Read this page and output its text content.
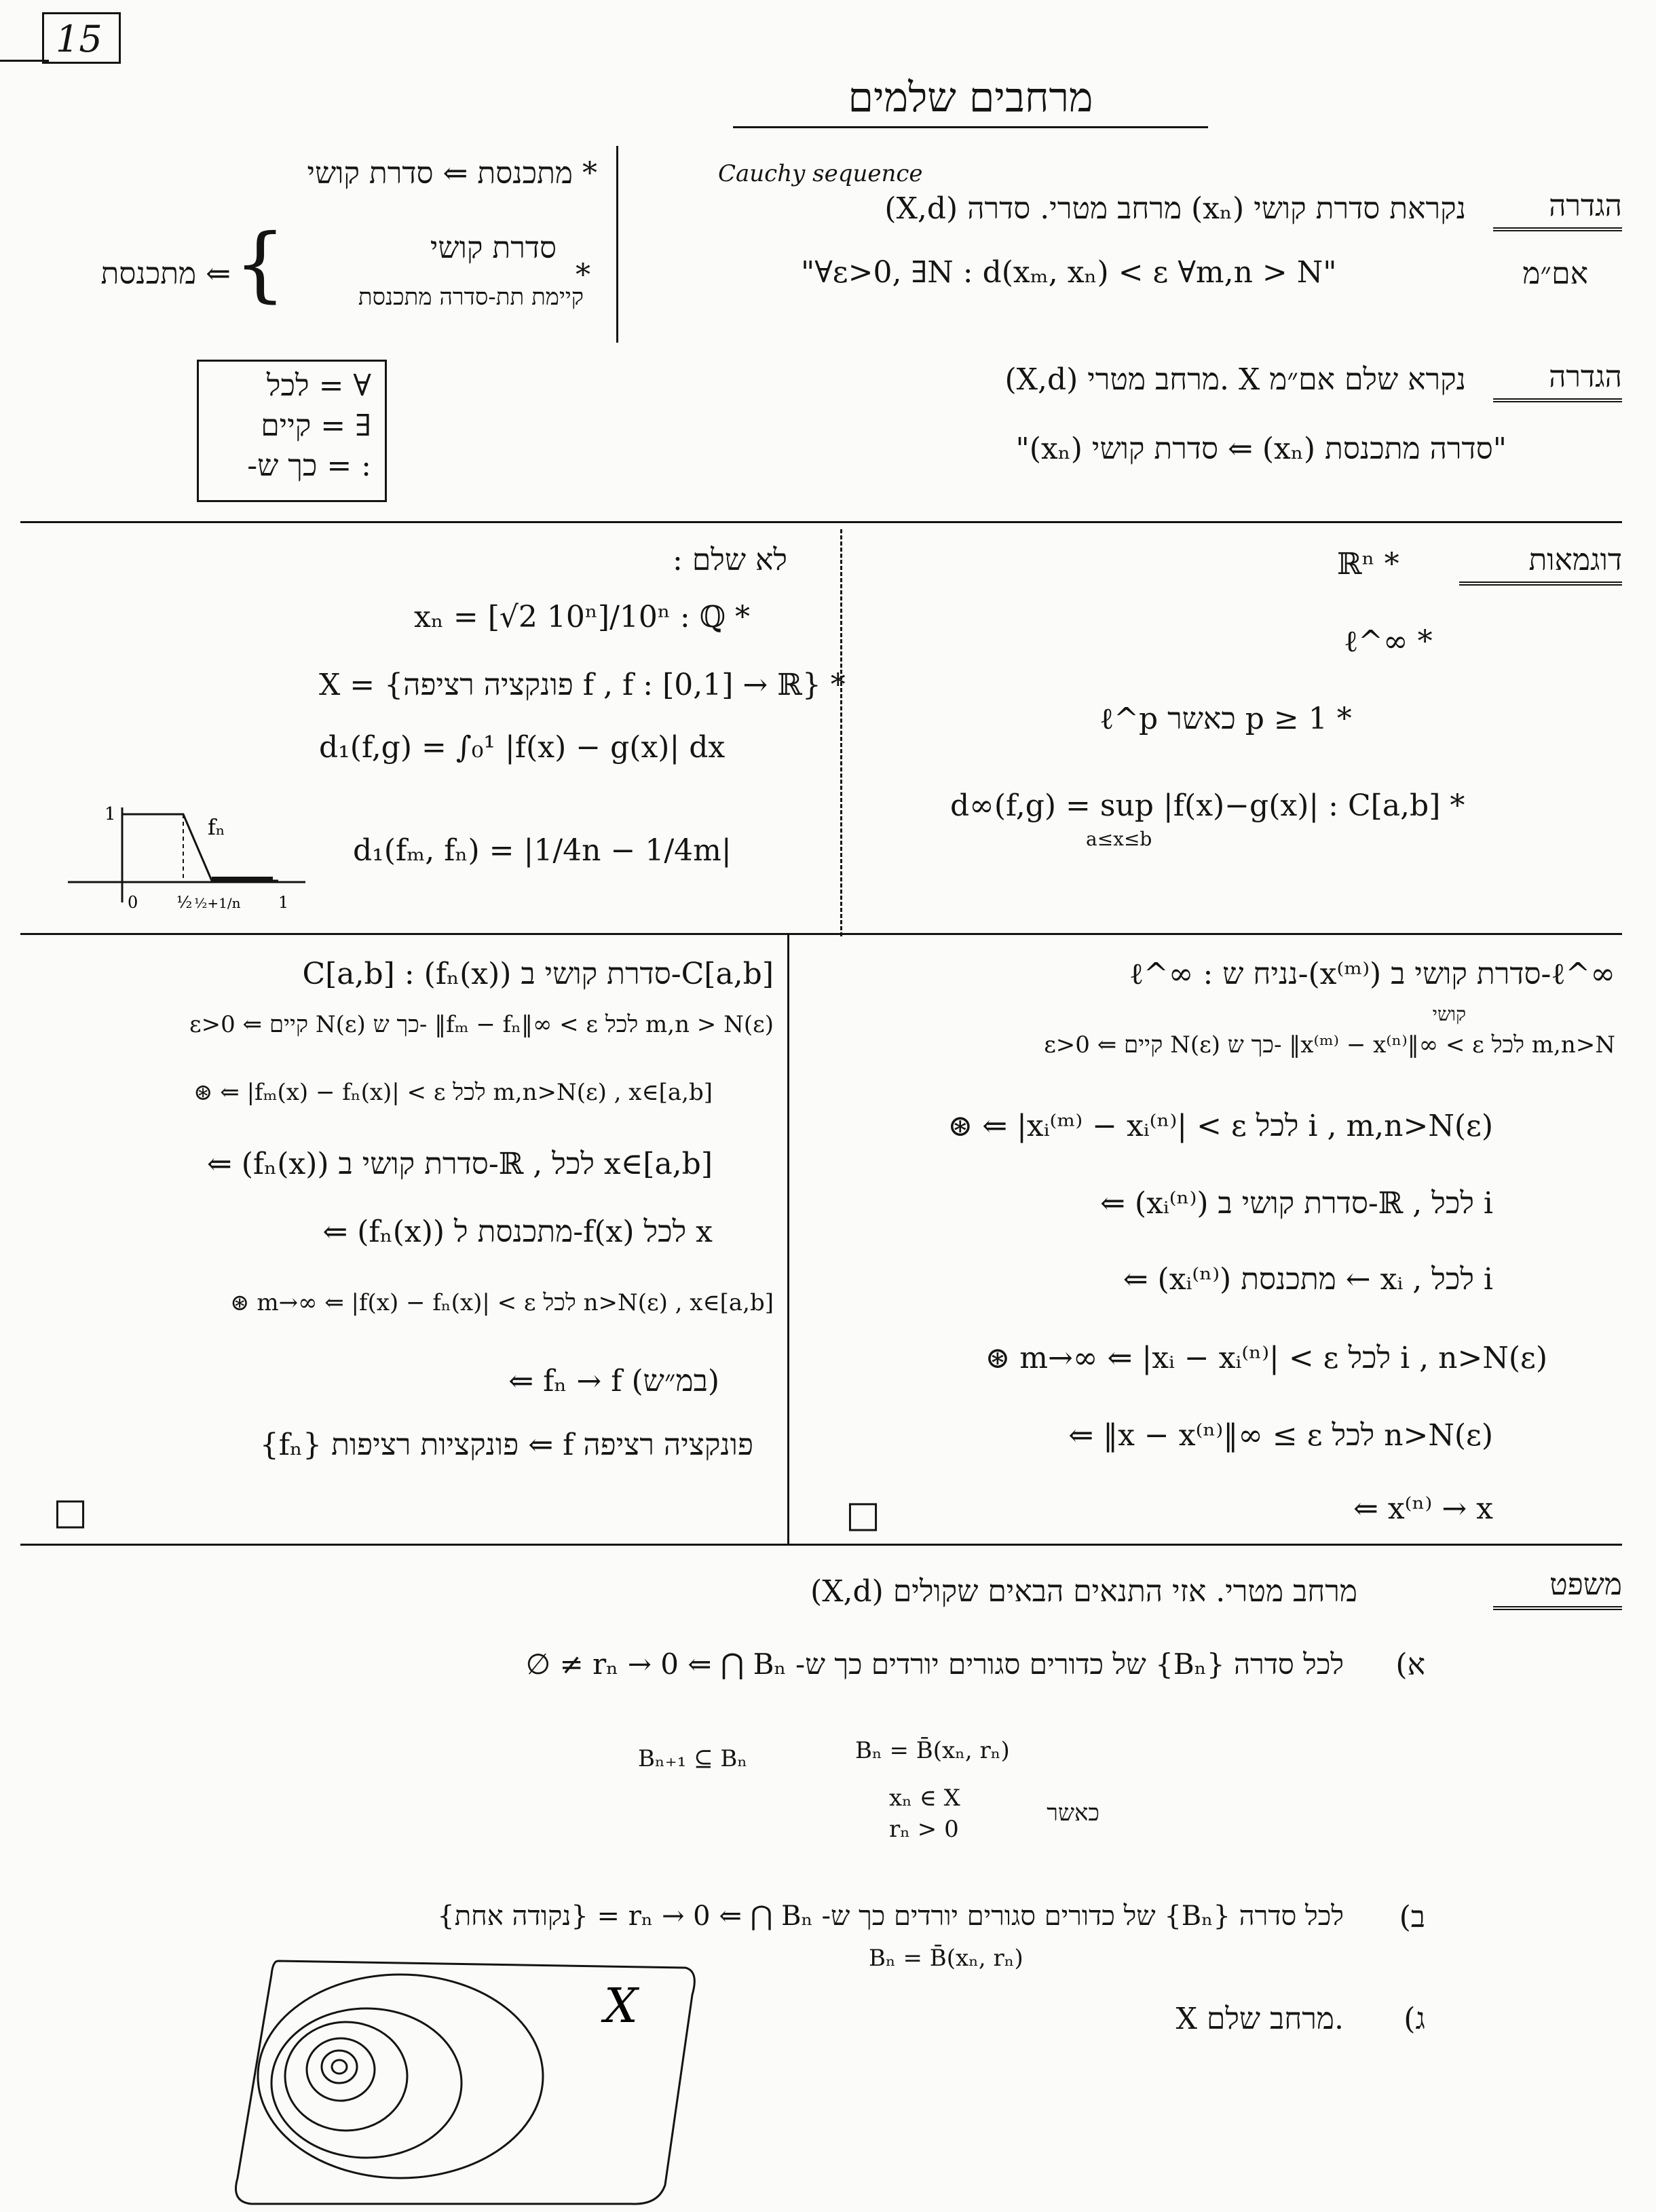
15
מרחבים שלמים
Cauchy sequence
הגדרה
(X,d) מרחב מטרי. סדרה (xₙ) נקראת סדרת קושי
אם״מ
"∀ε>0, ∃N : d(xₘ, xₙ) < ε ∀m,n > N"
הגדרה
(X,d) מרחב מטרי. X נקרא שלם אם״מ
"(xₙ) סדרת קושי ⇐ (xₙ) סדרה מתכנסת"
* מתכנסת ⇐ סדרת קושי
סדרת קושי
קיימת תת-סדרה מתכנסת
*
{
⇐ מתכנסת
∀ = לכל
∃ = קיים
: = כך ש-
דוגמאות
ℝⁿ *
ℓ^∞ *
ℓ^p כאשר p ≥ 1 *
d∞(f,g) = sup |f(x)−g(x)| : C[a,b] *
a≤x≤b
לא שלם :
xₙ = [√2 10ⁿ]/10ⁿ : ℚ *
X = {פונקציה רציפה f , f : [0,1] → ℝ} *
d₁(f,g) = ∫₀¹ |f(x) − g(x)| dx
d₁(fₘ, fₙ) = |1/4n − 1/4m|
1	fₙ
0 ½ ½+1/n 1
ℓ^∞ : נניח ש-(x⁽ᵐ⁾) סדרת קושי ב-ℓ^∞
קושי
ε>0 ⇐ קיים N(ε) כך ש- ‖x⁽ᵐ⁾ − x⁽ⁿ⁾‖∞ < ε לכל m,n>N
⊛ ⇐ |xᵢ⁽ᵐ⁾ − xᵢ⁽ⁿ⁾| < ε לכל i , m,n>N(ε)
⇐ (xᵢ⁽ⁿ⁾) סדרת קושי ב-ℝ , לכל i
⇐ (xᵢ⁽ⁿ⁾) מתכנסת ← xᵢ , לכל i
⊛ m→∞ ⇐ |xᵢ − xᵢ⁽ⁿ⁾| < ε לכל i , n>N(ε)
⇐ ‖x − x⁽ⁿ⁾‖∞ ≤ ε לכל n>N(ε)
⇐ x⁽ⁿ⁾ → x
□
C[a,b] : (fₙ(x)) סדרת קושי ב-C[a,b]
ε>0 ⇐ קיים N(ε) כך ש- ‖fₘ − fₙ‖∞ < ε לכל m,n > N(ε)
⊛ ⇐ |fₘ(x) − fₙ(x)| < ε לכל m,n>N(ε) , x∈[a,b]
⇐ (fₙ(x)) סדרת קושי ב-ℝ , לכל x∈[a,b]
⇐ (fₙ(x)) מתכנסת ל-f(x) לכל x
⊛ m→∞ ⇐ |f(x) − fₙ(x)| < ε לכל n>N(ε) , x∈[a,b]
⇐ fₙ → f (במ״ש)
{fₙ} פונקציות רציפות ⇐ f פונקציה רציפה
□
משפט
(X,d) מרחב מטרי. אזי התנאים הבאים שקולים
א)
לכל סדרה {Bₙ} של כדורים סגורים יורדים כך ש- rₙ → 0 ⇐ ⋂ Bₙ ≠ ∅
Bₙ₊₁ ⊆ Bₙ	Bₙ = B̄(xₙ, rₙ)
xₙ ∈ X
rₙ > 0
כאשר
ב)
לכל סדרה {Bₙ} של כדורים סגורים יורדים כך ש- rₙ → 0 ⇐ ⋂ Bₙ = {נקודה אחת}
Bₙ = B̄(xₙ, rₙ)
ג)
X מרחב שלם.
X
